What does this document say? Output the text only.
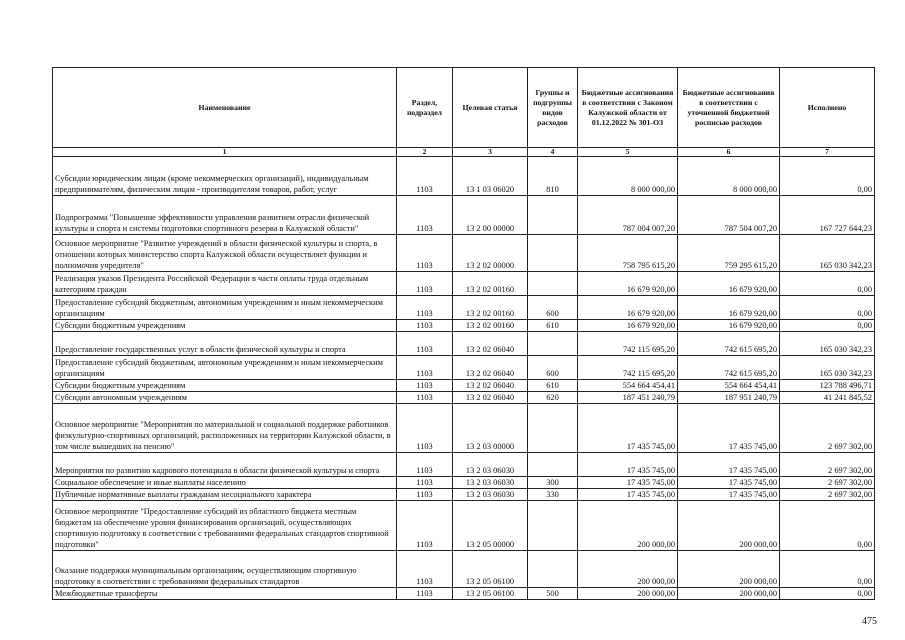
Наименование	Раздел, подраздел	Целевая статья	Группы и подгруппы видов расходов	Бюджетные ассигнования в соответствии с Законом Калужской области от 01.12.2022 № 301-ОЗ	Бюджетные ассигнования в соответствии с уточненной бюджетной росписью расходов	Исполнено
1	2	3	4	5	6	7
Субсидии юридическим лицам (кроме некоммерческих организаций), индивидуальным предпринимателям, физическим лицам - производителям товаров, работ, услуг	1103	13 1 03 06020	810	8 000 000,00	8 000 000,00	0,00
Подпрограмма "Повышение эффективности управления развитием отрасли физической культуры и спорта и системы подготовки спортивного резерва в Калужской области"	1103	13 2 00 00000		787 004 007,20	787 504 007,20	167 727 644,23
Основное мероприятие "Развитие учреждений в области физической культуры и спорта, в отношении которых министерство спорта Калужской области осуществляет функции и полномочия учредителя"	1103	13 2 02 00000		758 795 615,20	759 295 615,20	165 030 342,23
Реализация указов Президента Российской Федерации в части оплаты труда отдельным категориям граждан	1103	13 2 02 00160		16 679 920,00	16 679 920,00	0,00
Предоставление субсидий бюджетным, автономным учреждениям и иным некоммерческим организациям	1103	13 2 02 00160	600	16 679 920,00	16 679 920,00	0,00
Субсидии бюджетным учреждениям	1103	13 2 02 00160	610	16 679 920,00	16 679 920,00	0,00
Предоставление государственных услуг в области физической культуры и спорта	1103	13 2 02 06040		742 115 695,20	742 615 695,20	165 030 342,23
Предоставление субсидий бюджетным, автономным учреждениям и иным некоммерческим организациям	1103	13 2 02 06040	600	742 115 695,20	742 615 695,20	165 030 342,23
Субсидии бюджетным учреждениям	1103	13 2 02 06040	610	554 664 454,41	554 664 454,41	123 788 496,71
Субсидии автономным учреждениям	1103	13 2 02 06040	620	187 451 240,79	187 951 240,79	41 241 845,52
Основное мероприятие "Мероприятия по материальной и социальной поддержке работников физкультурно-спортивных организаций, расположенных на территории Калужской области, в том числе вышедших на пенсию"	1103	13 2 03 00000		17 435 745,00	17 435 745,00	2 697 302,00
Мероприятия по развитию кадрового потенциала в области физической культуры и спорта	1103	13 2 03 06030		17 435 745,00	17 435 745,00	2 697 302,00
Социальное обеспечение и иные выплаты населению	1103	13 2 03 06030	300	17 435 745,00	17 435 745,00	2 697 302,00
Публичные нормативные выплаты гражданам несоциального характера	1103	13 2 03 06030	330	17 435 745,00	17 435 745,00	2 697 302,00
Основное мероприятие "Предоставление субсидий из областного бюджета местным бюджетам на обеспечение уровня финансирования организаций, осуществляющих спортивную подготовку в соответствии с требованиями федеральных стандартов спортивной подготовки"	1103	13 2 05 00000		200 000,00	200 000,00	0,00
Оказание поддержки муниципальным организациям, осуществляющим спортивную подготовку в соответствии с требованиями федеральных стандартов	1103	13 2 05 06100		200 000,00	200 000,00	0,00
Межбюджетные трансферты	1103	13 2 05 06100	500	200 000,00	200 000,00	0,00
475
